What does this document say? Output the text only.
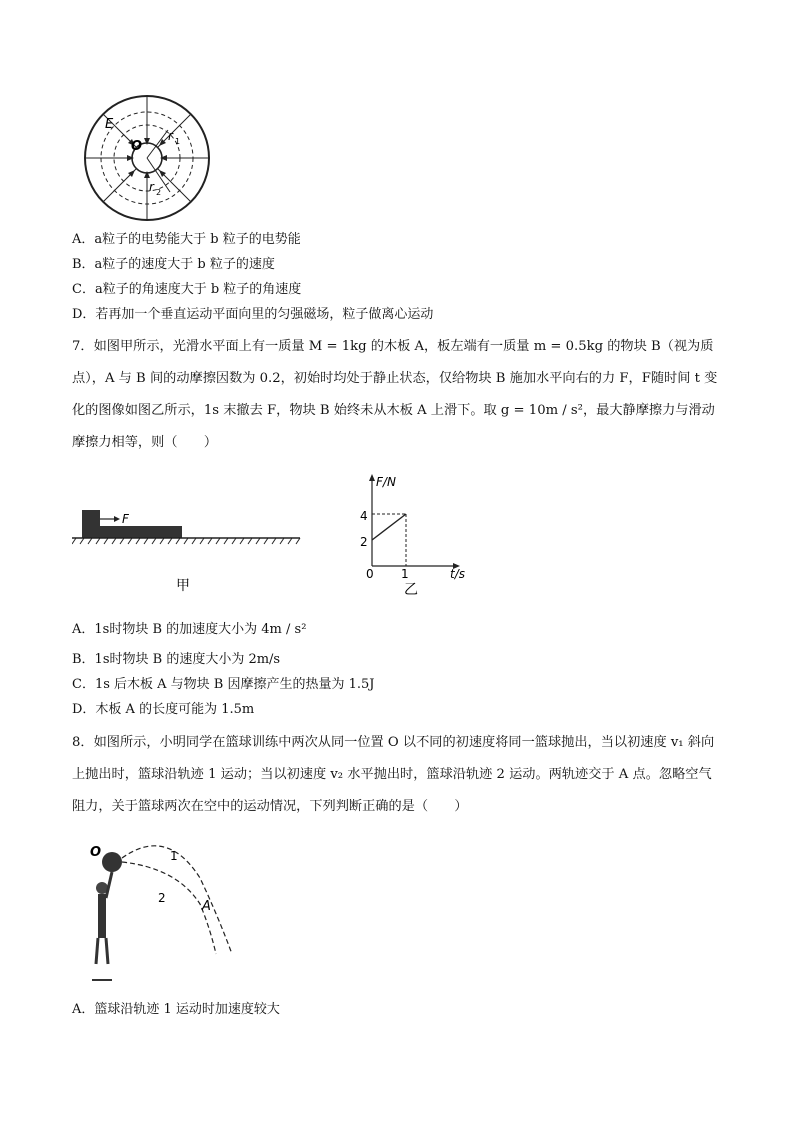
E
O
r 1
r 2
A．a粒子的电势能大于 b 粒子的电势能
B．a粒子的速度大于 b 粒子的速度
C．a粒子的角速度大于 b 粒子的角速度
D．若再加一个垂直运动平面向里的匀强磁场，粒子做离心运动
7．如图甲所示，光滑水平面上有一质量 M = 1kg 的木板 A，板左端有一质量 m = 0.5kg 的物块 B（视为质点），A 与 B 间的动摩擦因数为 0.2，初始时均处于静止状态，仅给物块 B 施加水平向右的力 F，F随时间 t 变化的图像如图乙所示，1s 末撤去 F，物块 B 始终未从木板 A 上滑下。取 g = 10m / s²，最大静摩擦力与滑动摩擦力相等，则（　　）
F
甲
F/N
t/s
0 1
2
4
乙
A．1s时物块 B 的加速度大小为 4m / s²
B．1s时物块 B 的速度大小为 2m/s
C．1s 后木板 A 与物块 B 因摩擦产生的热量为 1.5J
D．木板 A 的长度可能为 1.5m
8．如图所示，小明同学在篮球训练中两次从同一位置 O 以不同的初速度将同一篮球抛出，当以初速度 v₁ 斜向上抛出时，篮球沿轨迹 1 运动；当以初速度 v₂ 水平抛出时，篮球沿轨迹 2 运动。两轨迹交于 A 点。忽略空气阻力，关于篮球两次在空中的运动情况，下列判断正确的是（　　）
O	1
2
A
A．篮球沿轨迹 1 运动时加速度较大
